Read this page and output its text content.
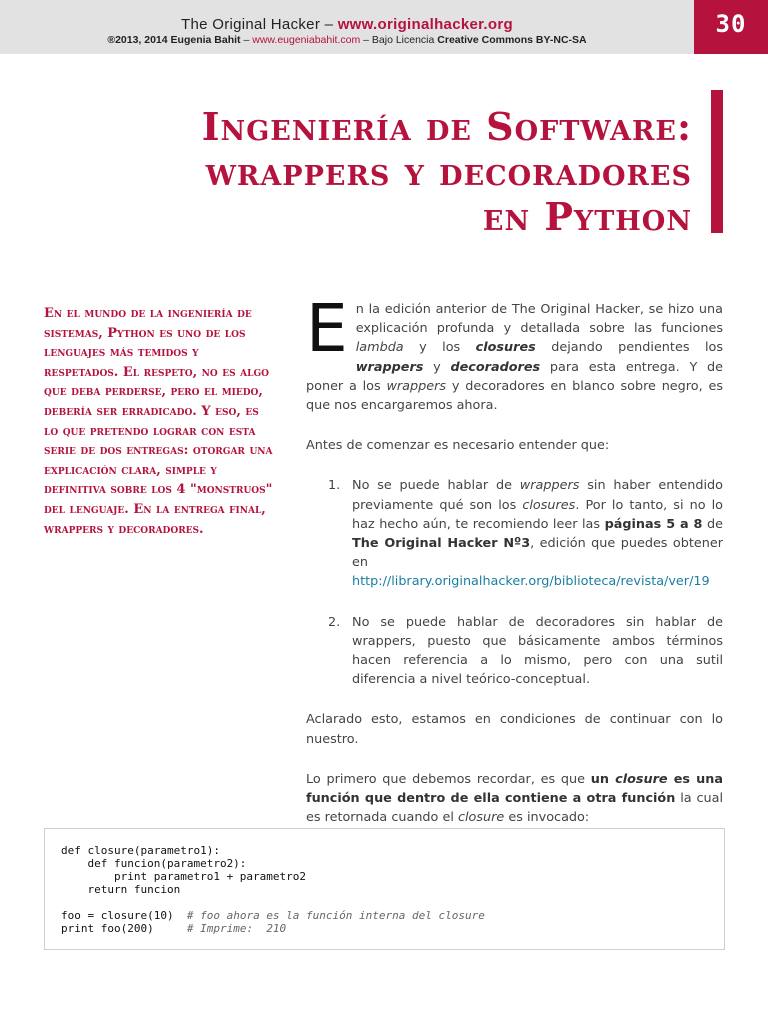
The Original Hacker – www.originalhacker.org
®2013, 2014 Eugenia Bahit – www.eugeniabahit.com – Bajo Licencia Creative Commons BY-NC-SA
30
Ingeniería de Software:
wrappers y decoradores
en Python
En el mundo de la ingeniería de sistemas, Python es uno de los lenguajes más temidos y respetados. El respeto, no es algo que deba perderse, pero el miedo, debería ser erradicado. Y eso, es lo que pretendo lograr con esta serie de dos entregas: otorgar una explicación clara, simple y definitiva sobre los 4 "monstruos" del lenguaje. En la entrega final, wrappers y decoradores.

En la edición anterior de The Original Hacker, se hizo una explicación profunda y detallada sobre las funciones lambda y los closures dejando pendientes los wrappers y decoradores para esta entrega. Y de poner a los wrappers y decoradores en blanco sobre negro, es que nos encargaremos ahora.

Antes de comenzar es necesario entender que:

1. No se puede hablar de wrappers sin haber entendido previamente qué son los closures. Por lo tanto, si no lo haz hecho aún, te recomiendo leer las páginas 5 a 8 de The Original Hacker Nº3, edición que puedes obtener en http://library.originalhacker.org/biblioteca/revista/ver/19
2. No se puede hablar de decoradores sin hablar de wrappers, puesto que básicamente ambos términos hacen referencia a lo mismo, pero con una sutil diferencia a nivel teórico-conceptual.

Aclarado esto, estamos en condiciones de continuar con lo nuestro.

Lo primero que debemos recordar, es que un closure es una función que dentro de ella contiene a otra función la cual es retornada cuando el closure es invocado:

def closure(parametro1):
def funcion(parametro2):
print parametro1 + parametro2
return funcion
foo = closure(10)  # foo ahora es la función interna del closure
print foo(200)     # Imprime:  210
